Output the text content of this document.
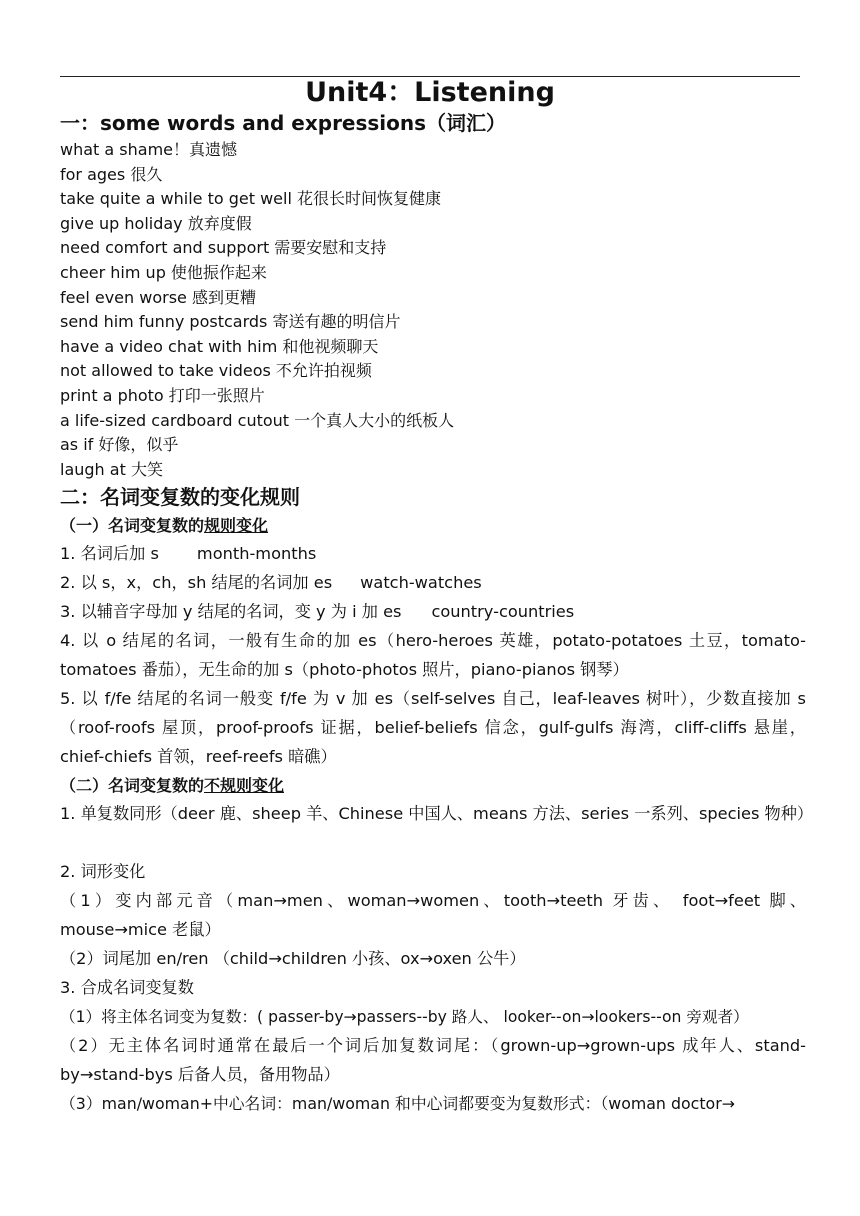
Unit4：Listening
一：some words and expressions（词汇）
what a shame！真遗憾
for ages 很久
take quite a while to get well 花很长时间恢复健康
give up holiday 放弃度假
need comfort and support 需要安慰和支持
cheer him up 使他振作起来
feel even worse 感到更糟
send him funny postcards 寄送有趣的明信片
have a video chat with him 和他视频聊天
not allowed to take videos 不允许拍视频
print a photo 打印一张照片
a life-sized cardboard cutout 一个真人大小的纸板人
as if 好像，似乎
laugh at 大笑
二：名词变复数的变化规则
（一）名词变复数的规则变化
1. 名词后加 s month-months
2. 以 s，x，ch，sh 结尾的名词加 es watch-watches
3. 以辅音字母加 y 结尾的名词，变 y 为 i 加 es country-countries
4. 以 o 结尾的名词，一般有生命的加 es（hero-heroes 英雄，potato-potatoes 土豆，tomato-tomatoes 番茄），无生命的加 s（photo-photos 照片，piano-pianos 钢琴）
5. 以 f/fe 结尾的名词一般变 f/fe 为 v 加 es（self-selves 自己，leaf-leaves 树叶），少数直接加 s（roof-roofs 屋顶，proof-proofs 证据，belief-beliefs 信念，gulf-gulfs 海湾，cliff-cliffs 悬崖，chief-chiefs 首领，reef-reefs 暗礁）
（二）名词变复数的不规则变化
1. 单复数同形（deer 鹿、sheep 羊、Chinese 中国人、means 方法、series 一系列、species 物种）
2. 词形变化
（1）变内部元音（man→men、woman→women、tooth→teeth 牙齿、 foot→feet 脚、mouse→mice 老鼠）
（2）词尾加 en/ren （child→children 小孩、ox→oxen 公牛）
3. 合成名词变复数
（1）将主体名词变为复数：( passer-by→passers--by 路人、 looker--on→lookers--on 旁观者）
（2）无主体名词时通常在最后一个词后加复数词尾：（grown-up→grown-ups 成年人、stand-by→stand-bys 后备人员，备用物品）
（3）man/woman+中心名词：man/woman 和中心词都要变为复数形式：（woman doctor→
